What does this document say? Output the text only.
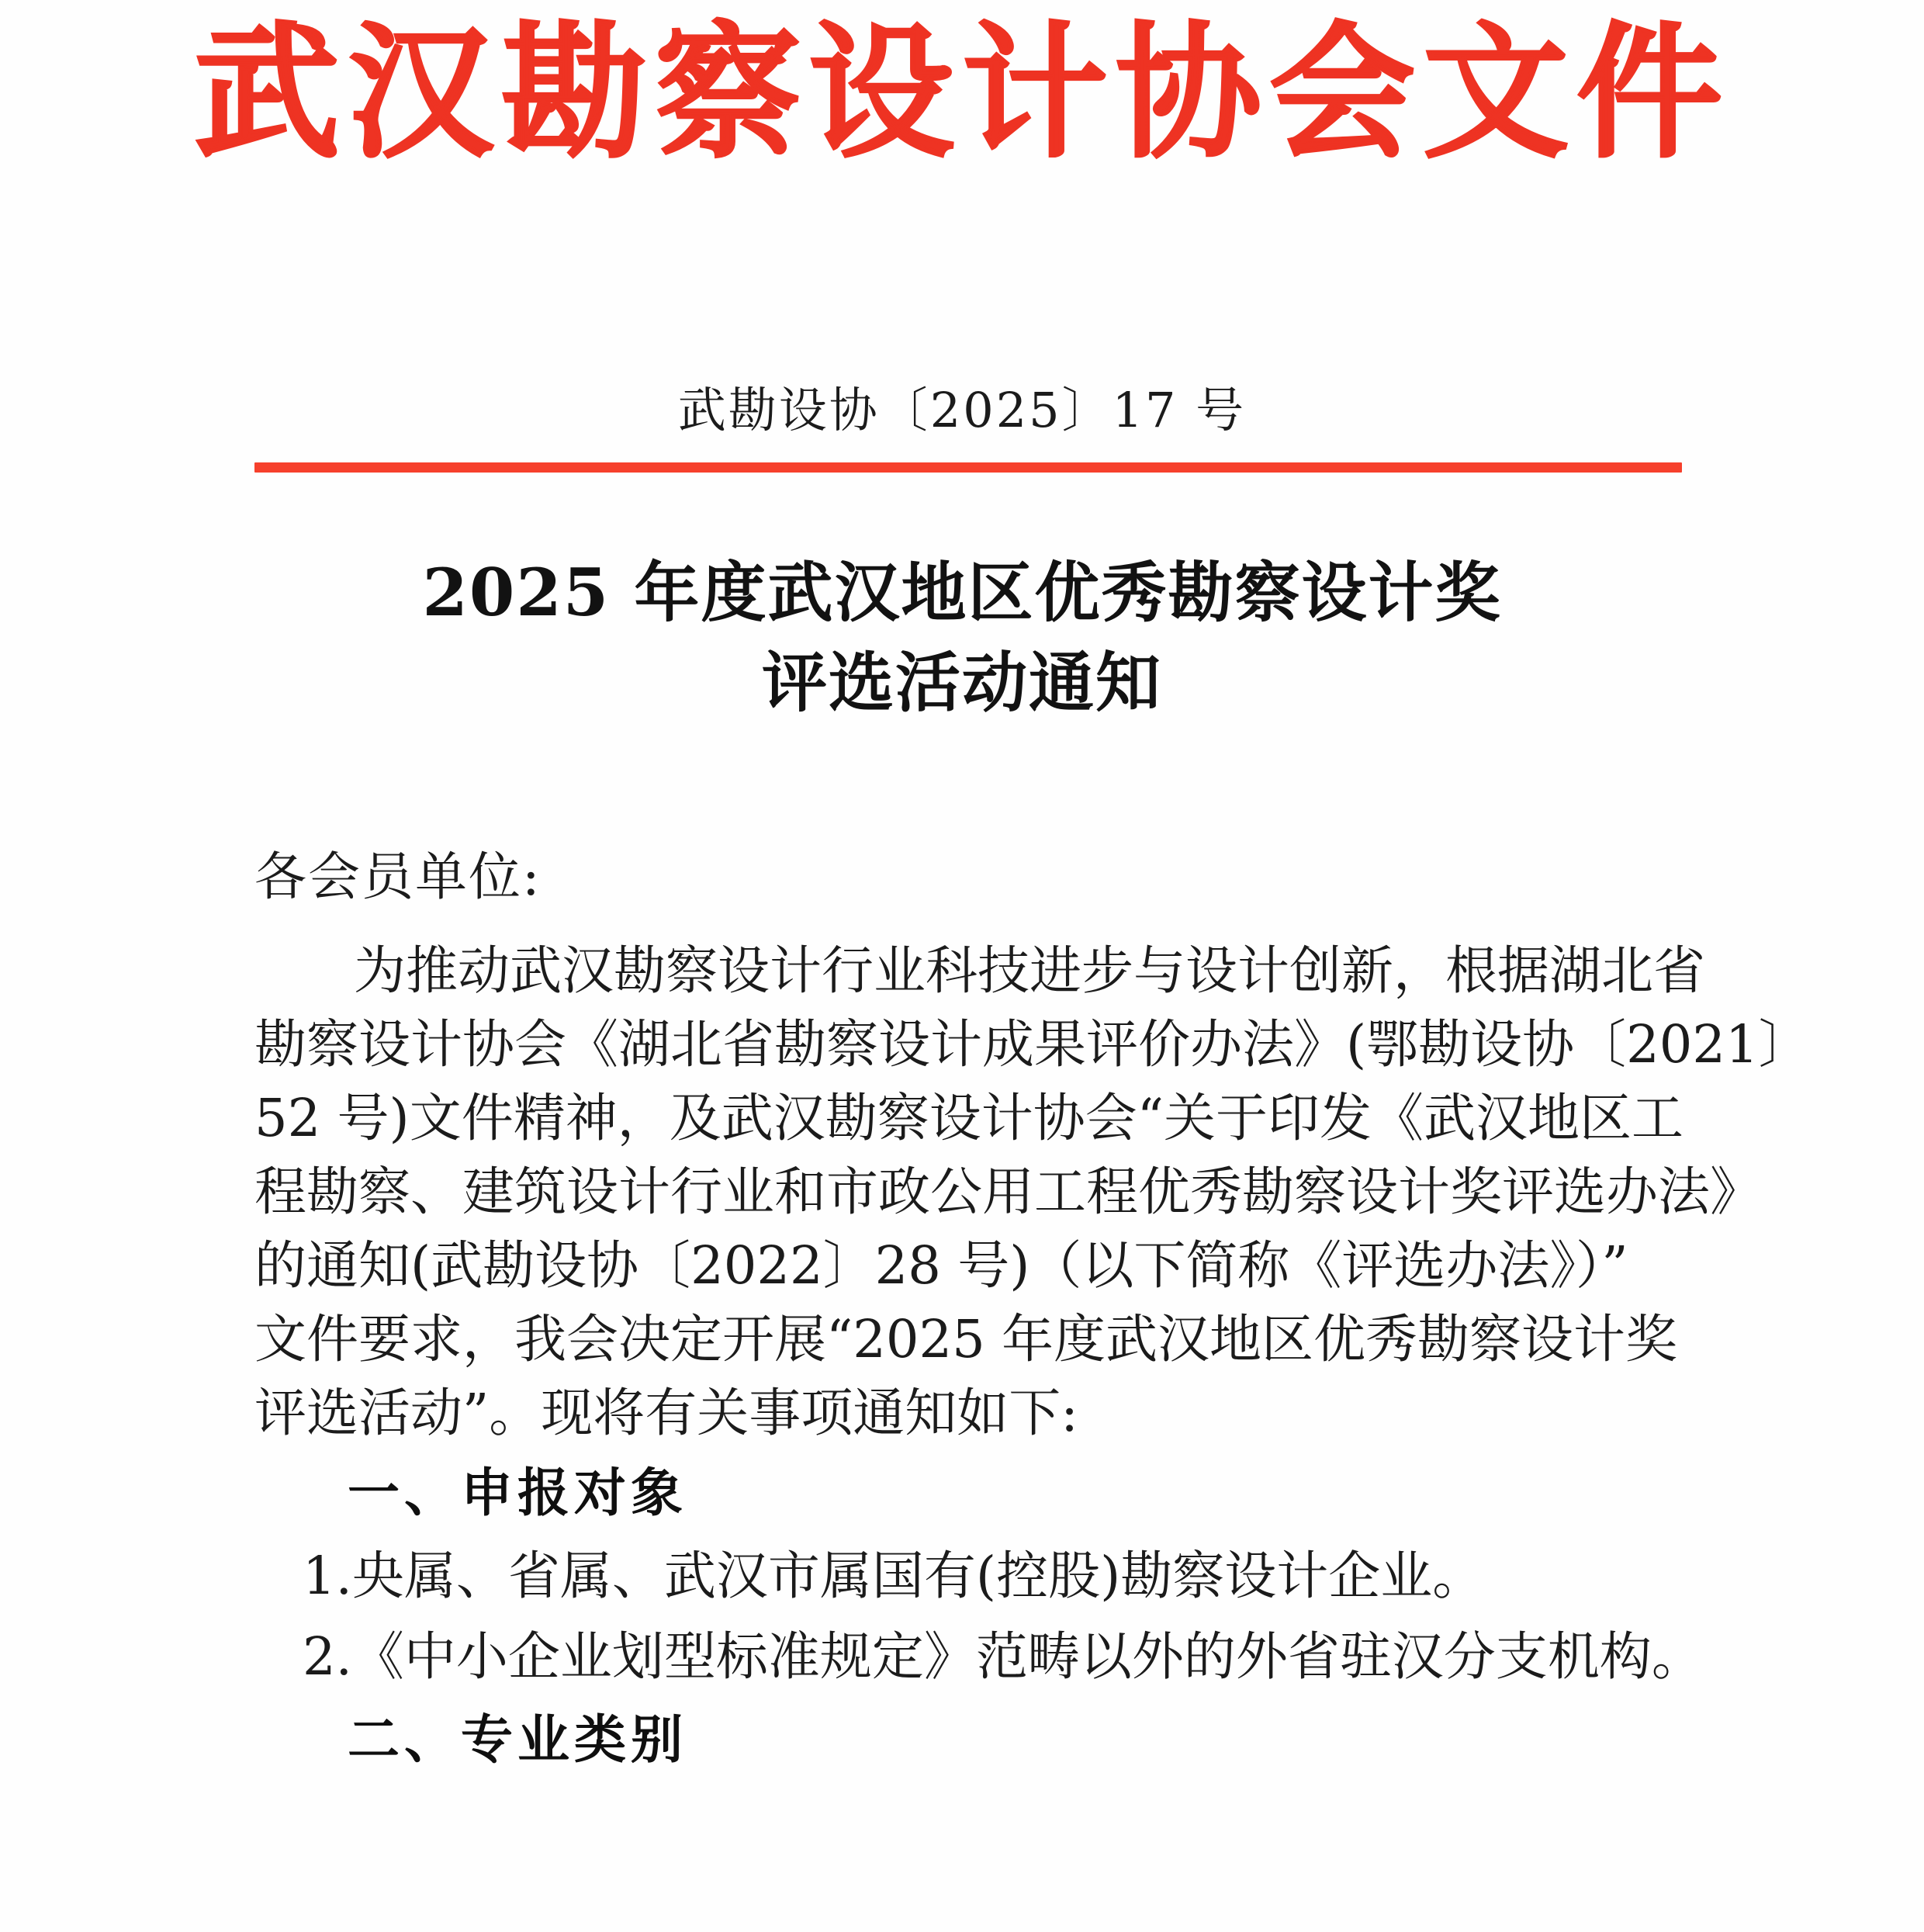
武汉勘察设计协会文件
武勘设协〔2025〕17 号
2025 年度武汉地区优秀勘察设计奖
评选活动通知
各会员单位:
为推动武汉勘察设计行业科技进步与设计创新，根据湖北省
勘察设计协会《湖北省勘察设计成果评价办法》(鄂勘设协〔2021〕
52 号)文件精神，及武汉勘察设计协会“关于印发《武汉地区工
程勘察、建筑设计行业和市政公用工程优秀勘察设计奖评选办法》
的通知(武勘设协〔2022〕28 号)（以下简称《评选办法》）”
文件要求，我会决定开展“2025 年度武汉地区优秀勘察设计奖
评选活动”。现将有关事项通知如下:
一、申报对象
1.央属、省属、武汉市属国有(控股)勘察设计企业。
2.《中小企业划型标准规定》范畴以外的外省驻汉分支机构。
二、专业类别
